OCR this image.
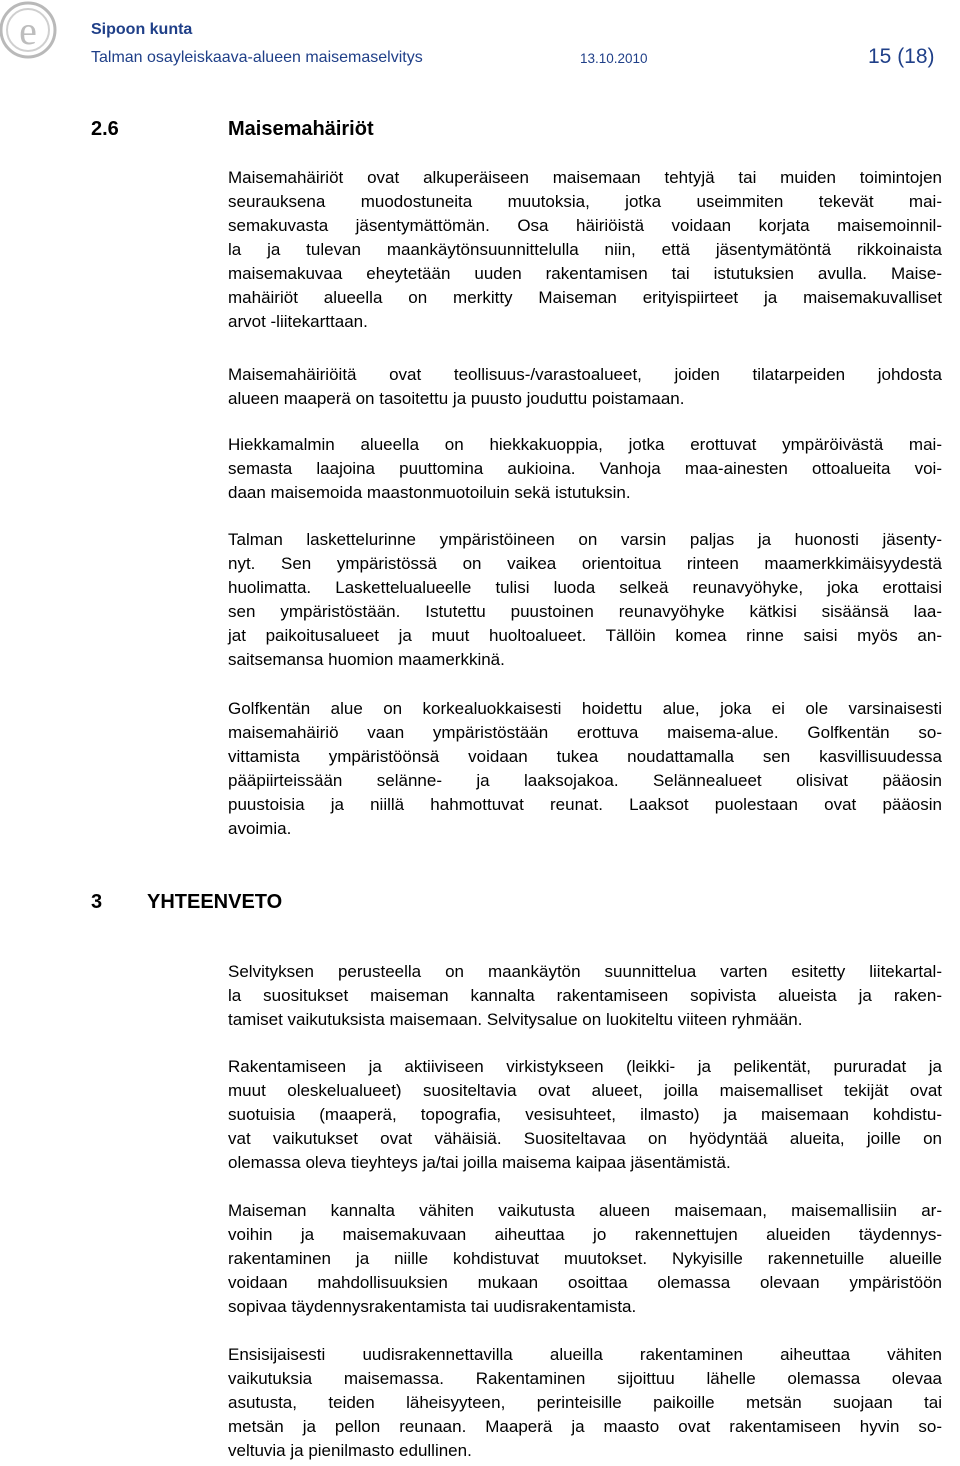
e	Sipoon kunta
Talman osayleiskaava-alueen maisemaselvitys	13.10.2010	15 (18)
2.6	Maisemahäiriöt

Maisemahäiriöt ovat alkuperäiseen maisemaan tehtyjä tai muiden toimintojen
seurauksena muodostuneita muutoksia, jotka useimmiten tekevät mai-
semakuvasta jäsentymättömän. Osa häiriöistä voidaan korjata maisemoinnil-
la ja tulevan maankäytönsuunnittelulla niin, että jäsentymätöntä rikkoinaista
maisemakuvaa eheytetään uuden rakentamisen tai istutuksien avulla. Maise-
mahäiriöt alueella on merkitty Maiseman erityispiirteet ja maisemakuvalliset
arvot -liitekarttaan.

Maisemahäiriöitä ovat teollisuus-/varastoalueet, joiden tilatarpeiden johdosta
alueen maaperä on tasoitettu ja puusto jouduttu poistamaan.

Hiekkamalmin alueella on hiekkakuoppia, jotka erottuvat ympäröivästä mai-
semasta laajoina puuttomina aukioina. Vanhoja maa-ainesten ottoalueita voi-
daan maisemoida maastonmuotoiluin sekä istutuksin.

Talman laskettelurinne ympäristöineen on varsin paljas ja huonosti jäsenty-
nyt. Sen ympäristössä on vaikea orientoitua rinteen maamerkkimäisyydestä
huolimatta. Laskettelualueelle tulisi luoda selkeä reunavyöhyke, joka erottaisi
sen ympäristöstään. Istutettu puustoinen reunavyöhyke kätkisi sisäänsä laa-
jat paikoitusalueet ja muut huoltoalueet. Tällöin komea rinne saisi myös an-
saitsemansa huomion maamerkkinä.

Golfkentän alue on korkealuokkaisesti hoidettu alue, joka ei ole varsinaisesti
maisemahäiriö vaan ympäristöstään erottuva maisema-alue. Golfkentän so-
vittamista ympäristöönsä voidaan tukea noudattamalla sen kasvillisuudessa
pääpiirteissään selänne- ja laaksojakoa. Selännealueet olisivat pääosin
puustoisia ja niillä hahmottuvat reunat. Laaksot puolestaan ovat pääosin
avoimia.

3 YHTEENVETO

Selvityksen perusteella on maankäytön suunnittelua varten esitetty liitekartal-
la suositukset maiseman kannalta rakentamiseen sopivista alueista ja raken-
tamiset vaikutuksista maisemaan. Selvitysalue on luokiteltu viiteen ryhmään.

Rakentamiseen ja aktiiviseen virkistykseen (leikki- ja pelikentät, pururadat ja
muut oleskelualueet) suositeltavia ovat alueet, joilla maisemalliset tekijät ovat
suotuisia (maaperä, topografia, vesisuhteet, ilmasto) ja maisemaan kohdistu-
vat vaikutukset ovat vähäisiä. Suositeltavaa on hyödyntää alueita, joille on
olemassa oleva tieyhteys ja/tai joilla maisema kaipaa jäsentämistä.

Maiseman kannalta vähiten vaikutusta alueen maisemaan, maisemallisiin ar-
voihin ja maisemakuvaan aiheuttaa jo rakennettujen alueiden täydennys-
rakentaminen ja niille kohdistuvat muutokset. Nykyisille rakennetuille alueille
voidaan mahdollisuuksien mukaan osoittaa olemassa olevaan ympäristöön
sopivaa täydennysrakentamista tai uudisrakentamista.

Ensisijaisesti uudisrakennettavilla alueilla rakentaminen aiheuttaa vähiten
vaikutuksia maisemassa. Rakentaminen sijoittuu lähelle olemassa olevaa
asutusta, teiden läheisyyteen, perinteisille paikoille metsän suojaan tai
metsän ja pellon reunaan. Maaperä ja maasto ovat rakentamiseen hyvin so-
veltuvia ja pienilmasto edullinen.
